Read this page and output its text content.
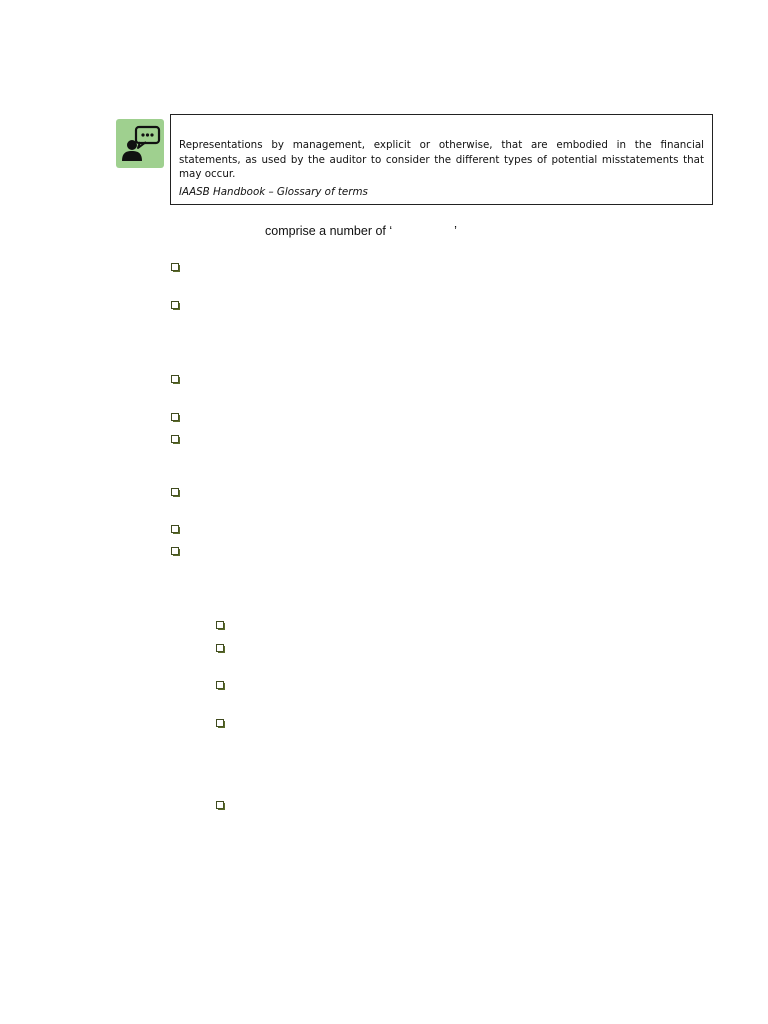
Representations by management, explicit or otherwise, that are embodied in the financial statements, as used by the auditor to consider the different types of potential misstatements that may occur.

IAASB Handbook – Glossary of terms

comprise a number of ‘	’
